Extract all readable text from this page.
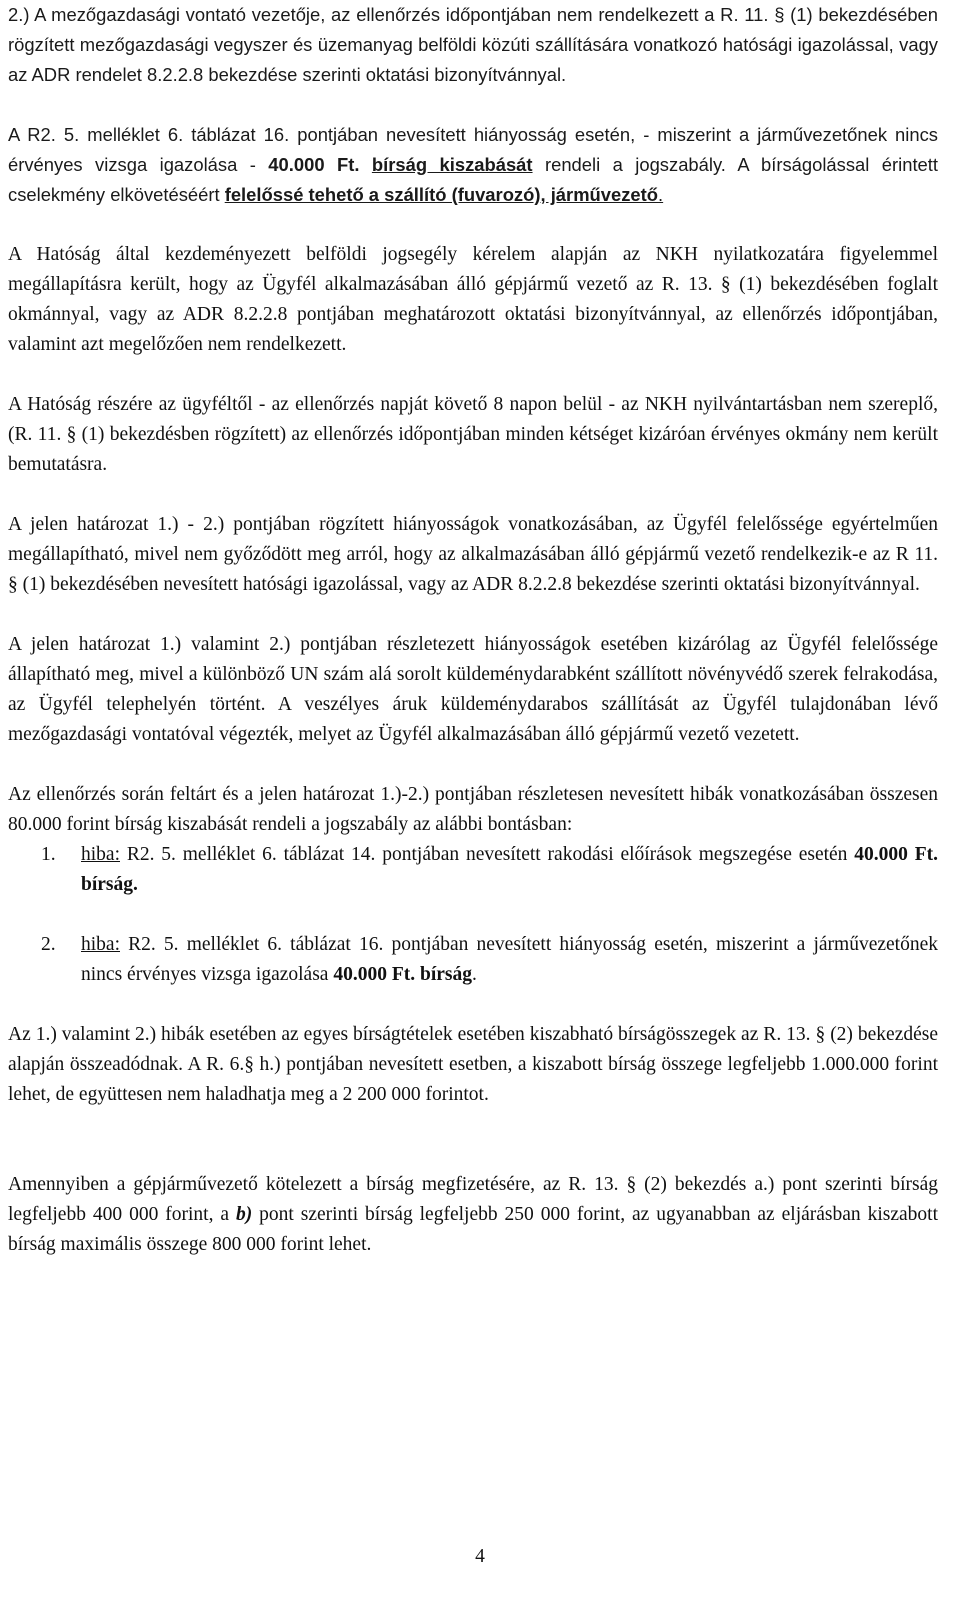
2.) A mezőgazdasági vontató vezetője, az ellenőrzés időpontjában nem rendelkezett a R. 11. § (1) bekezdésében rögzített mezőgazdasági vegyszer és üzemanyag belföldi közúti szállítására vonatkozó hatósági igazolással, vagy az ADR rendelet 8.2.2.8 bekezdése szerinti oktatási bizonyítvánnyal.

A R2. 5. melléklet 6. táblázat 16. pontjában nevesített hiányosság esetén, - miszerint a járművezetőnek nincs érvényes vizsga igazolása - 40.000 Ft. bírság kiszabását rendeli a jogszabály. A bírságolással érintett cselekmény elkövetéséért felelőssé tehető a szállító (fuvarozó), járművezető.

A Hatóság által kezdeményezett belföldi jogsegély kérelem alapján az NKH nyilatkozatára figyelemmel megállapításra került, hogy az Ügyfél alkalmazásában álló gépjármű vezető az R. 13. § (1) bekezdésében foglalt okmánnyal, vagy az ADR 8.2.2.8 pontjában meghatározott oktatási bizonyítvánnyal, az ellenőrzés időpontjában, valamint azt megelőzően nem rendelkezett.

A Hatóság részére az ügyféltől - az ellenőrzés napját követő 8 napon belül - az NKH nyilvántartásban nem szereplő, (R. 11. § (1) bekezdésben rögzített) az ellenőrzés időpontjában minden kétséget kizáróan érvényes okmány nem került bemutatásra.

A jelen határozat 1.) - 2.) pontjában rögzített hiányosságok vonatkozásában, az Ügyfél felelőssége egyértelműen megállapítható, mivel nem győződött meg arról, hogy az alkalmazásában álló gépjármű vezető rendelkezik-e az R 11. § (1) bekezdésében nevesített hatósági igazolással, vagy az ADR 8.2.2.8 bekezdése szerinti oktatási bizonyítvánnyal.

A jelen határozat 1.) valamint 2.) pontjában részletezett hiányosságok esetében kizárólag az Ügyfél felelőssége állapítható meg, mivel a különböző UN szám alá sorolt küldeménydarabként szállított növényvédő szerek felrakodása, az Ügyfél telephelyén történt. A veszélyes áruk küldeménydarabos szállítását az Ügyfél tulajdonában lévő mezőgazdasági vontatóval végezték, melyet az Ügyfél alkalmazásában álló gépjármű vezető vezetett.

Az ellenőrzés során feltárt és a jelen határozat 1.)-2.) pontjában részletesen nevesített hibák vonatkozásában összesen 80.000 forint bírság kiszabását rendeli a jogszabály az alábbi bontásban:

1. hiba: R2. 5. melléklet 6. táblázat 14. pontjában nevesített rakodási előírások megszegése esetén 40.000 Ft. bírság.
2. hiba: R2. 5. melléklet 6. táblázat 16. pontjában nevesített hiányosság esetén, miszerint a járművezetőnek nincs érvényes vizsga igazolása 40.000 Ft. bírság.

Az 1.) valamint 2.) hibák esetében az egyes bírságtételek esetében kiszabható bírságösszegek az R. 13. § (2) bekezdése alapján összeadódnak. A R. 6.§ h.) pontjában nevesített esetben, a kiszabott bírság összege legfeljebb 1.000.000 forint lehet, de együttesen nem haladhatja meg a 2 200 000 forintot.

Amennyiben a gépjárművezető kötelezett a bírság megfizetésére, az R. 13. § (2) bekezdés a.) pont szerinti bírság legfeljebb 400 000 forint, a b) pont szerinti bírság legfeljebb 250 000 forint, az ugyanabban az eljárásban kiszabott bírság maximális összege 800 000 forint lehet.

4
